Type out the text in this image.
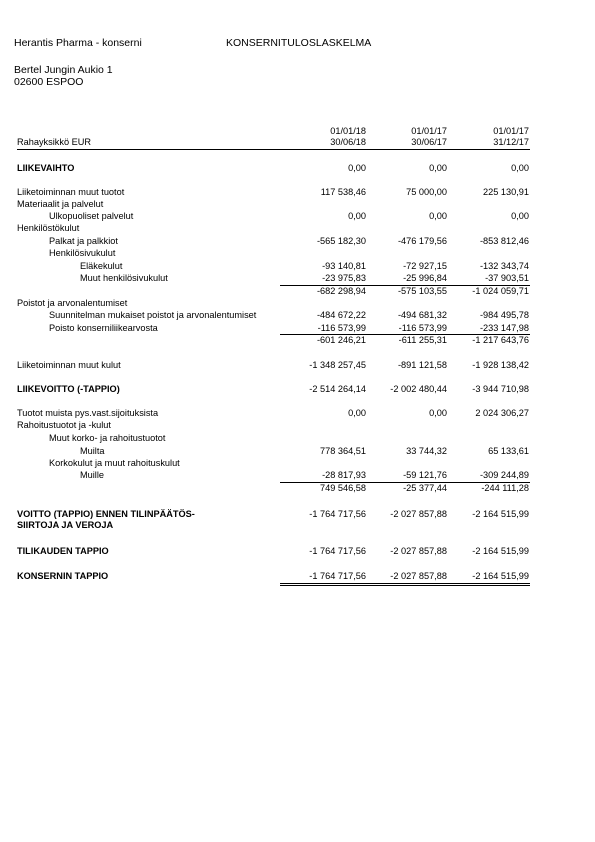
Herantis Pharma - konserni	KONSERNITULOSLASKELMA
Bertel Jungin Aukio 1
02600 ESPOO
01/01/18	01/01/17	01/01/17
Rahayksikkö EUR	30/06/18	30/06/17	31/12/17
LIIKEVAIHTO	0,00	0,00	0,00
Liiketoiminnan muut tuotot	117 538,46	75 000,00	225 130,91
Materiaalit ja palvelut
Ulkopuoliset palvelut	0,00	0,00	0,00
Henkilöstökulut
Palkat ja palkkiot	-565 182,30	-476 179,56	-853 812,46
Henkilösivukulut
Eläkekulut	-93 140,81	-72 927,15	-132 343,74
Muut henkilösivukulut	-23 975,83	-25 996,84	-37 903,51
-682 298,94	-575 103,55	-1 024 059,71
Poistot ja arvonalentumiset
Suunnitelman mukaiset poistot ja arvonalentumiset	-484 672,22	-494 681,32	-984 495,78
Poisto konserniliikearvosta	-116 573,99	-116 573,99	-233 147,98
-601 246,21	-611 255,31	-1 217 643,76
Liiketoiminnan muut kulut	-1 348 257,45	-891 121,58	-1 928 138,42
LIIKEVOITTO (-TAPPIO)	-2 514 264,14	-2 002 480,44	-3 944 710,98
Tuotot muista pys.vast.sijoituksista	0,00	0,00	2 024 306,27
Rahoitustuotot ja -kulut
Muut korko- ja rahoitustuotot
Muilta	778 364,51	33 744,32	65 133,61
Korkokulut ja muut rahoituskulut
Muille	-28 817,93	-59 121,76	-309 244,89
749 546,58	-25 377,44	-244 111,28
VOITTO (TAPPIO) ENNEN TILINPÄÄTÖS-
SIIRTOJA JA VEROJA
-1 764 717,56	-2 027 857,88	-2 164 515,99
TILIKAUDEN TAPPIO	-1 764 717,56	-2 027 857,88	-2 164 515,99
KONSERNIN TAPPIO	-1 764 717,56	-2 027 857,88	-2 164 515,99
